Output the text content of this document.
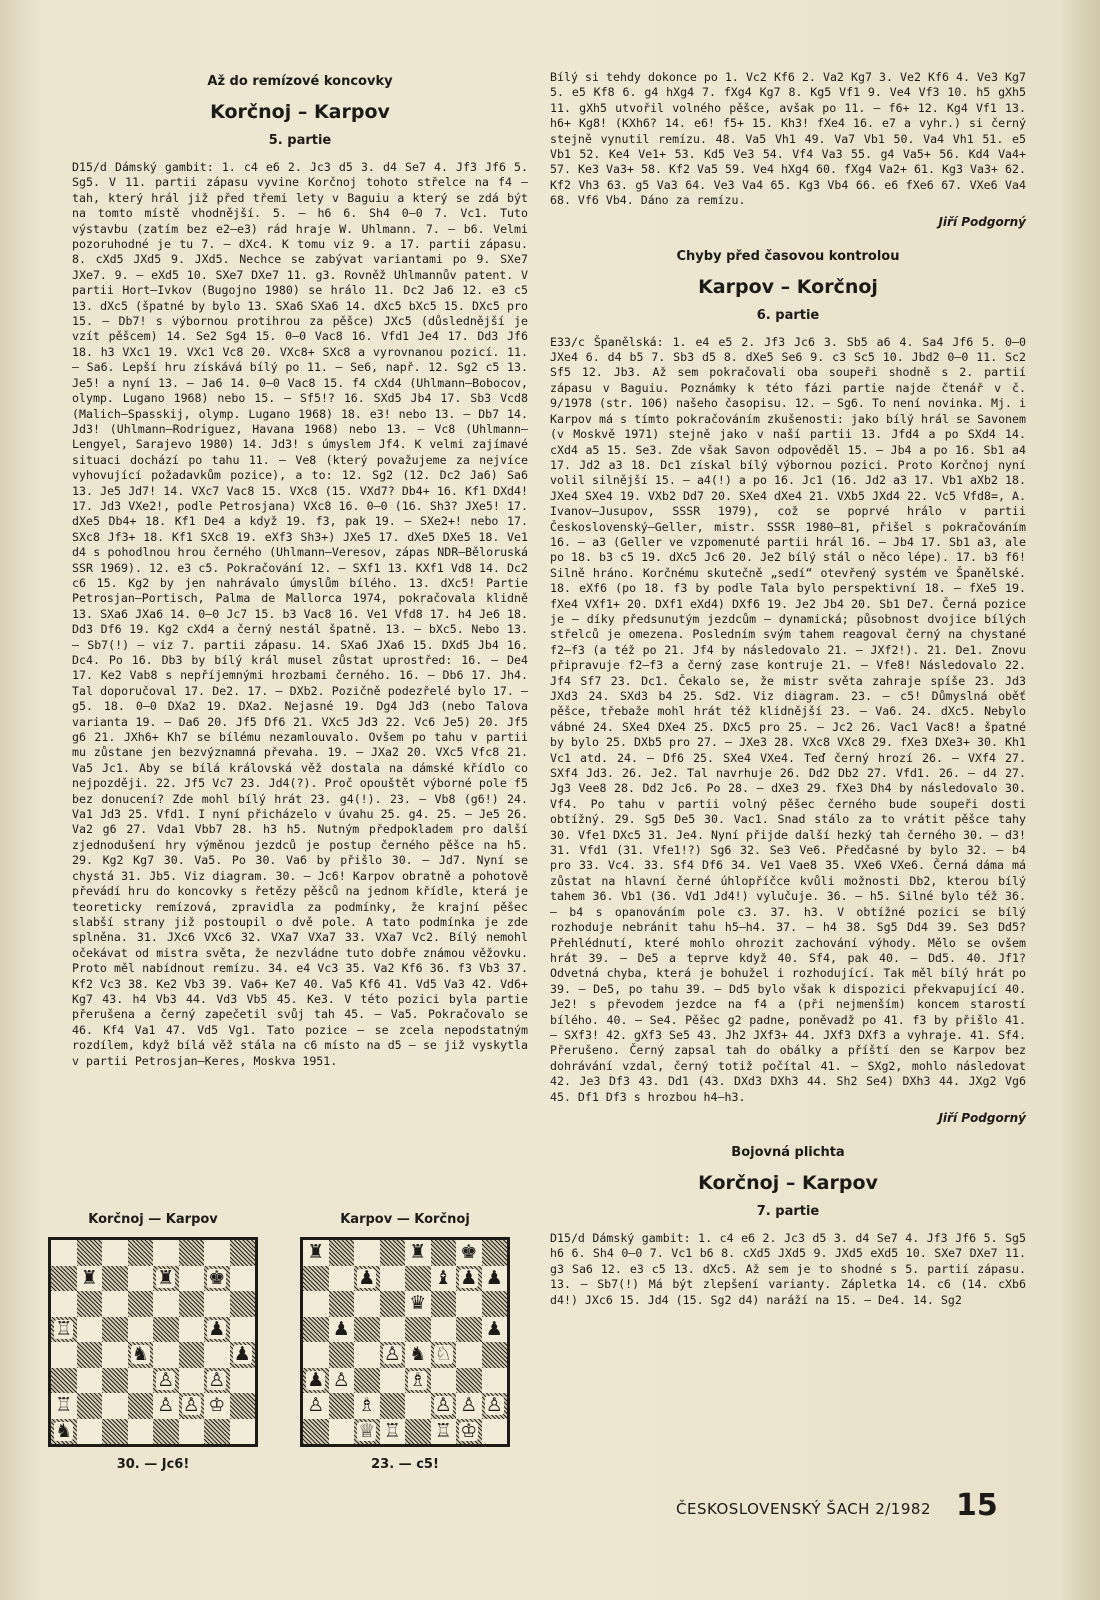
Až do remízové koncovky
Korčnoj – Karpov
5. partie

D15/d Dámský gambit: 1. c4 e6 2. Jc3 d5 3. d4 Se7 4. Jf3 Jf6 5. Sg5. V 11. partii zápasu vyvine Korčnoj tohoto střelce na f4 – tah, který hrál již před třemi lety v Baguiu a který se zdá být na tomto místě vhodnější. 5. – h6 6. Sh4 0–0 7. Vc1. Tuto výstavbu (zatím bez e2–e3) rád hraje W. Uhlmann. 7. – b6. Velmi pozoruhodné je tu 7. – dXc4. K tomu viz 9. a 17. partii zápasu. 8. cXd5 JXd5 9. JXd5. Nechce se zabývat variantami po 9. SXe7 JXe7. 9. – eXd5 10. SXe7 DXe7 11. g3. Rovněž Uhlmannův patent. V partii Hort–Ivkov (Bugojno 1980) se hrálo 11. Dc2 Ja6 12. e3 c5 13. dXc5 (špatné by bylo 13. SXa6 SXa6 14. dXc5 bXc5 15. DXc5 pro 15. – Db7! s výbornou protihrou za pěšce) JXc5 (důslednější je vzít pěšcem) 14. Se2 Sg4 15. 0–0 Vac8 16. Vfd1 Je4 17. Dd3 Jf6 18. h3 VXc1 19. VXc1 Vc8 20. VXc8+ SXc8 a vyrovnanou pozicí. 11. – Sa6. Lepší hru získává bílý po 11. – Se6, např. 12. Sg2 c5 13. Je5! a nyní 13. – Ja6 14. 0–0 Vac8 15. f4 cXd4 (Uhlmann–Bobocov, olymp. Lugano 1968) nebo 15. – Sf5!? 16. SXd5 Jb4 17. Sb3 Vcd8 (Malich–Spasskij, olymp. Lugano 1968) 18. e3! nebo 13. – Db7 14. Jd3! (Uhlmann–Rodriguez, Havana 1968) nebo 13. – Vc8 (Uhlmann–Lengyel, Sarajevo 1980) 14. Jd3! s úmyslem Jf4. K velmi zajímavé situaci dochází po tahu 11. – Ve8 (který považujeme za nejvíce vyhovující požadavkům pozice), a to: 12. Sg2 (12. Dc2 Ja6) Sa6 13. Je5 Jd7! 14. VXc7 Vac8 15. VXc8 (15. VXd7? Db4+ 16. Kf1 DXd4! 17. Jd3 VXe2!, podle Petrosjana) VXc8 16. 0–0 (16. Sh3? JXe5! 17. dXe5 Db4+ 18. Kf1 De4 a když 19. f3, pak 19. – SXe2+! nebo 17. SXc8 Jf3+ 18. Kf1 SXc8 19. eXf3 Sh3+) JXe5 17. dXe5 DXe5 18. Ve1 d4 s pohodlnou hrou černého (Uhlmann–Veresov, zápas NDR–Běloruská SSR 1969). 12. e3 c5. Pokračování 12. – SXf1 13. KXf1 Vd8 14. Dc2 c6 15. Kg2 by jen nahrávalo úmyslům bílého. 13. dXc5! Partie Petrosjan–Portisch, Palma de Mallorca 1974, pokračovala klidně 13. SXa6 JXa6 14. 0–0 Jc7 15. b3 Vac8 16. Ve1 Vfd8 17. h4 Je6 18. Dd3 Df6 19. Kg2 cXd4 a černý nestál špatně. 13. – bXc5. Nebo 13. – Sb7(!) – viz 7. partii zápasu. 14. SXa6 JXa6 15. DXd5 Jb4 16. Dc4. Po 16. Db3 by bílý král musel zůstat uprostřed: 16. – De4 17. Ke2 Vab8 s nepříjemnými hrozbami černého. 16. – Db6 17. Jh4. Tal doporučoval 17. De2. 17. – DXb2. Pozičně podezřelé bylo 17. – g5. 18. 0–0 DXa2 19. DXa2. Nejasné 19. Dg4 Jd3 (nebo Talova varianta 19. – Da6 20. Jf5 Df6 21. VXc5 Jd3 22. Vc6 Je5) 20. Jf5 g6 21. JXh6+ Kh7 se bílému nezamlouvalo. Ovšem po tahu v partii mu zůstane jen bezvýznamná převaha. 19. – JXa2 20. VXc5 Vfc8 21. Va5 Jc1. Aby se bílá královská věž dostala na dámské křídlo co nejpozději. 22. Jf5 Vc7 23. Jd4(?). Proč opouštět výborné pole f5 bez donucení? Zde mohl bílý hrát 23. g4(!). 23. – Vb8 (g6!) 24. Va1 Jd3 25. Vfd1. I nyní přicházelo v úvahu 25. g4. 25. – Je5 26. Va2 g6 27. Vda1 Vbb7 28. h3 h5. Nutným předpokladem pro další zjednodušení hry výměnou jezdců je postup černého pěšce na h5. 29. Kg2 Kg7 30. Va5. Po 30. Va6 by přišlo 30. – Jd7. Nyní se chystá 31. Jb5. Viz diagram. 30. – Jc6! Karpov obratně a pohotově převádí hru do koncovky s řetězy pěšců na jednom křídle, která je teoreticky remízová, zpravidla za podmínky, že krajní pěšec slabší strany již postoupil o dvě pole. A tato podmínka je zde splněna. 31. JXc6 VXc6 32. VXa7 VXa7 33. VXa7 Vc2. Bílý nemohl očekávat od mistra světa, že nezvládne tuto dobře známou věžovku. Proto měl nabídnout remízu. 34. e4 Vc3 35. Va2 Kf6 36. f3 Vb3 37. Kf2 Vc3 38. Ke2 Vb3 39. Va6+ Ke7 40. Va5 Kf6 41. Vd5 Va3 42. Vd6+ Kg7 43. h4 Vb3 44. Vd3 Vb5 45. Ke3. V této pozici byla partie přerušena a černý zapečetil svůj tah 45. – Va5. Pokračovalo se 46. Kf4 Va1 47. Vd5 Vg1. Tato pozice – se zcela nepodstatným rozdílem, když bílá věž stála na c6 místo na d5 – se již vyskytla v partii Petrosjan–Keres, Moskva 1951.

Bílý si tehdy dokonce po 1. Vc2 Kf6 2. Va2 Kg7 3. Ve2 Kf6 4. Ve3 Kg7 5. e5 Kf8 6. g4 hXg4 7. fXg4 Kg7 8. Kg5 Vf1 9. Ve4 Vf3 10. h5 gXh5 11. gXh5 utvořil volného pěšce, avšak po 11. – f6+ 12. Kg4 Vf1 13. h6+ Kg8! (KXh6? 14. e6! f5+ 15. Kh3! fXe4 16. e7 a vyhr.) si černý stejně vynutil remízu. 48. Va5 Vh1 49. Va7 Vb1 50. Va4 Vh1 51. e5 Vb1 52. Ke4 Ve1+ 53. Kd5 Ve3 54. Vf4 Va3 55. g4 Va5+ 56. Kd4 Va4+ 57. Ke3 Va3+ 58. Kf2 Va5 59. Ve4 hXg4 60. fXg4 Va2+ 61. Kg3 Va3+ 62. Kf2 Vh3 63. g5 Va3 64. Ve3 Va4 65. Kg3 Vb4 66. e6 fXe6 67. VXe6 Va4 68. Vf6 Vb4. Dáno za remízu.

Jiří Podgorný
Chyby před časovou kontrolou
Karpov – Korčnoj
6. partie

E33/c Španělská: 1. e4 e5 2. Jf3 Jc6 3. Sb5 a6 4. Sa4 Jf6 5. 0–0 JXe4 6. d4 b5 7. Sb3 d5 8. dXe5 Se6 9. c3 Sc5 10. Jbd2 0–0 11. Sc2 Sf5 12. Jb3. Až sem pokračovali oba soupeři shodně s 2. partií zápasu v Baguiu. Poznámky k této fázi partie najde čtenář v č. 9/1978 (str. 106) našeho časopisu. 12. – Sg6. To není novinka. Mj. i Karpov má s tímto pokračováním zkušenosti: jako bílý hrál se Savonem (v Moskvě 1971) stejně jako v naší partii 13. Jfd4 a po SXd4 14. cXd4 a5 15. Se3. Zde však Savon odpověděl 15. – Jb4 a po 16. Sb1 a4 17. Jd2 a3 18. Dc1 získal bílý výbornou pozici. Proto Korčnoj nyní volil silnější 15. – a4(!) a po 16. Jc1 (16. Jd2 a3 17. Vb1 aXb2 18. JXe4 SXe4 19. VXb2 Dd7 20. SXe4 dXe4 21. VXb5 JXd4 22. Vc5 Vfd8=, A. Ivanov–Jusupov, SSSR 1979), což se poprvé hrálo v partii Československý–Geller, mistr. SSSR 1980–81, přišel s pokračováním 16. – a3 (Geller ve vzpomenuté partii hrál 16. – Jb4 17. Sb1 a3, ale po 18. b3 c5 19. dXc5 Jc6 20. Je2 bílý stál o něco lépe). 17. b3 f6! Silně hráno. Korčnému skutečně „sedí“ otevřený systém ve Španělské. 18. eXf6 (po 18. f3 by podle Tala bylo perspektivní 18. – fXe5 19. fXe4 VXf1+ 20. DXf1 eXd4) DXf6 19. Je2 Jb4 20. Sb1 De7. Černá pozice je – díky předsunutým jezdcům – dynamická; působnost dvojice bílých střelců je omezena. Posledním svým tahem reagoval černý na chystané f2–f3 (a též po 21. Jf4 by následovalo 21. – JXf2!). 21. De1. Znovu připravuje f2–f3 a černý zase kontruje 21. – Vfe8! Následovalo 22. Jf4 Sf7 23. Dc1. Čekalo se, že mistr světa zahraje spíše 23. Jd3 JXd3 24. SXd3 b4 25. Sd2. Viz diagram. 23. – c5! Důmyslná oběť pěšce, třebaže mohl hrát též klidnější 23. – Va6. 24. dXc5. Nebylo vábné 24. SXe4 DXe4 25. DXc5 pro 25. – Jc2 26. Vac1 Vac8! a špatné by bylo 25. DXb5 pro 27. – JXe3 28. VXc8 VXc8 29. fXe3 DXe3+ 30. Kh1 Vc1 atd. 24. – Df6 25. SXe4 VXe4. Teď černý hrozí 26. – VXf4 27. SXf4 Jd3. 26. Je2. Tal navrhuje 26. Dd2 Db2 27. Vfd1. 26. – d4 27. Jg3 Vee8 28. Dd2 Jc6. Po 28. – dXe3 29. fXe3 Dh4 by následovalo 30. Vf4. Po tahu v partii volný pěšec černého bude soupeři dosti obtížný. 29. Sg5 De5 30. Vac1. Snad stálo za to vrátit pěšce tahy 30. Vfe1 DXc5 31. Je4. Nyní přijde další hezký tah černého 30. – d3! 31. Vfd1 (31. Vfe1!?) Sg6 32. Se3 Ve6. Předčasné by bylo 32. – b4 pro 33. Vc4. 33. Sf4 Df6 34. Ve1 Vae8 35. VXe6 VXe6. Černá dáma má zůstat na hlavní černé úhlopříčce kvůli možnosti Db2, kterou bílý tahem 36. Vb1 (36. Vd1 Jd4!) vylučuje. 36. – h5. Silné bylo též 36. – b4 s opanováním pole c3. 37. h3. V obtížné pozici se bílý rozhoduje nebránit tahu h5–h4. 37. – h4 38. Sg5 Dd4 39. Se3 Dd5? Přehlédnutí, které mohlo ohrozit zachování výhody. Mělo se ovšem hrát 39. – De5 a teprve když 40. Sf4, pak 40. – Dd5. 40. Jf1? Odvetná chyba, která je bohužel i rozhodující. Tak měl bílý hrát po 39. – De5, po tahu 39. – Dd5 bylo však k dispozici překvapující 40. Je2! s převodem jezdce na f4 a (při nejmenším) koncem starostí bílého. 40. – Se4. Pěšec g2 padne, poněvadž po 41. f3 by přišlo 41. – SXf3! 42. gXf3 Se5 43. Jh2 JXf3+ 44. JXf3 DXf3 a vyhraje. 41. Sf4. Přerušeno. Černý zapsal tah do obálky a příští den se Karpov bez dohrávání vzdal, černý totiž počítal 41. – SXg2, mohlo následovat 42. Je3 Df3 43. Dd1 (43. DXd3 DXh3 44. Sh2 Se4) DXh3 44. JXg2 Vg6 45. Df1 Df3 s hrozbou h4–h3.

Jiří Podgorný
Bojovná plichta
Korčnoj – Karpov
7. partie

D15/d Dámský gambit: 1. c4 e6 2. Jc3 d5 3. d4 Se7 4. Jf3 Jf6 5. Sg5 h6 6. Sh4 0–0 7. Vc1 b6 8. cXd5 JXd5 9. JXd5 eXd5 10. SXe7 DXe7 11. g3 Sa6 12. e3 c5 13. dXc5. Až sem je to shodné s 5. partií zápasu. 13. – Sb7(!) Má být zlepšení varianty. Zápletka 14. c6 (14. cXb6 d4!) JXc6 15. Jd4 (15. Sg2 d4) naráží na 15. – De4. 14. Sg2

Korčnoj — Karpov
♜	♜ ♚
♖	♟
♞	♟
♙ ♙
♖	♙ ♙ ♔
♞
30. — Jc6!
Karpov — Korčnoj
♜	♜ ♚
♟	♝ ♟ ♟
♛
♟	♟
♙ ♞ ♘
♟ ♙	♗
♙ ♗	♙ ♙ ♙
♕ ♖ ♖ ♔
23. — c5!
ČESKOSLOVENSKÝ ŠACH 2/1982 15
